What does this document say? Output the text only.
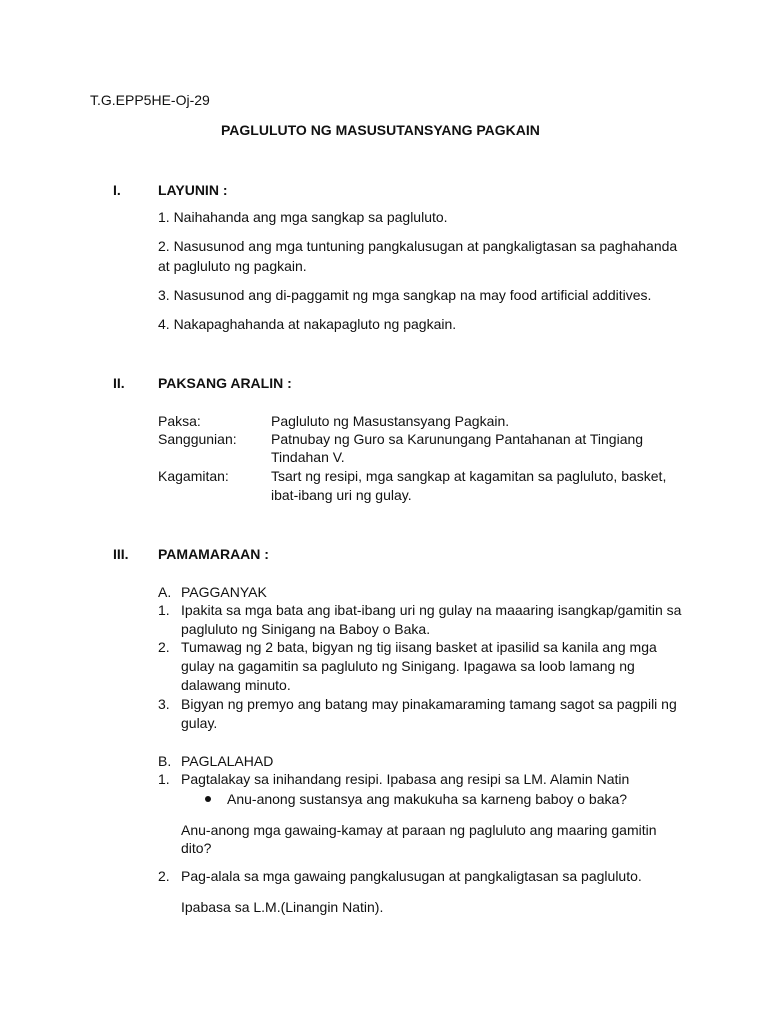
T.G.EPP5HE-Oj-29
PAGLULUTO NG MASUSUTANSYANG PAGKAIN
I.	LAYUNIN :
1. Naihahanda ang mga sangkap sa pagluluto.
2. Nasusunod ang mga tuntuning pangkalusugan at pangkaligtasan sa paghahanda
at pagluluto ng pagkain.
3. Nasusunod ang di-paggamit ng mga sangkap na may food artificial additives.
4. Nakapaghahanda at nakapagluto ng pagkain.
II. PAKSANG ARALIN :
Paksa:	Pagluluto ng Masustansyang Pagkain.
Sanggunian: Patnubay ng Guro sa Karunungang Pantahanan at Tingiang
Tindahan V.
Kagamitan:	Tsart ng resipi, mga sangkap at kagamitan sa pagluluto, basket,
ibat-ibang uri ng gulay.
III. PAMAMARAAN :
A. PAGGANYAK
1. Ipakita sa mga bata ang ibat-ibang uri ng gulay na maaaring isangkap/gamitin sa
pagluluto ng Sinigang na Baboy o Baka.
2. Tumawag ng 2 bata, bigyan ng tig iisang basket at ipasilid sa kanila ang mga
gulay na gagamitin sa pagluluto ng Sinigang. Ipagawa sa loob lamang ng
dalawang minuto.
3. Bigyan ng premyo ang batang may pinakamaraming tamang sagot sa pagpili ng
gulay.
B. PAGLALAHAD
1. Pagtalakay sa inihandang resipi. Ipabasa ang resipi sa LM. Alamin Natin
Anu-anong sustansya ang makukuha sa karneng baboy o baka?
Anu-anong mga gawaing-kamay at paraan ng pagluluto ang maaring gamitin
dito?
2. Pag-alala sa mga gawaing pangkalusugan at pangkaligtasan sa pagluluto.
Ipabasa sa L.M.(Linangin Natin).
